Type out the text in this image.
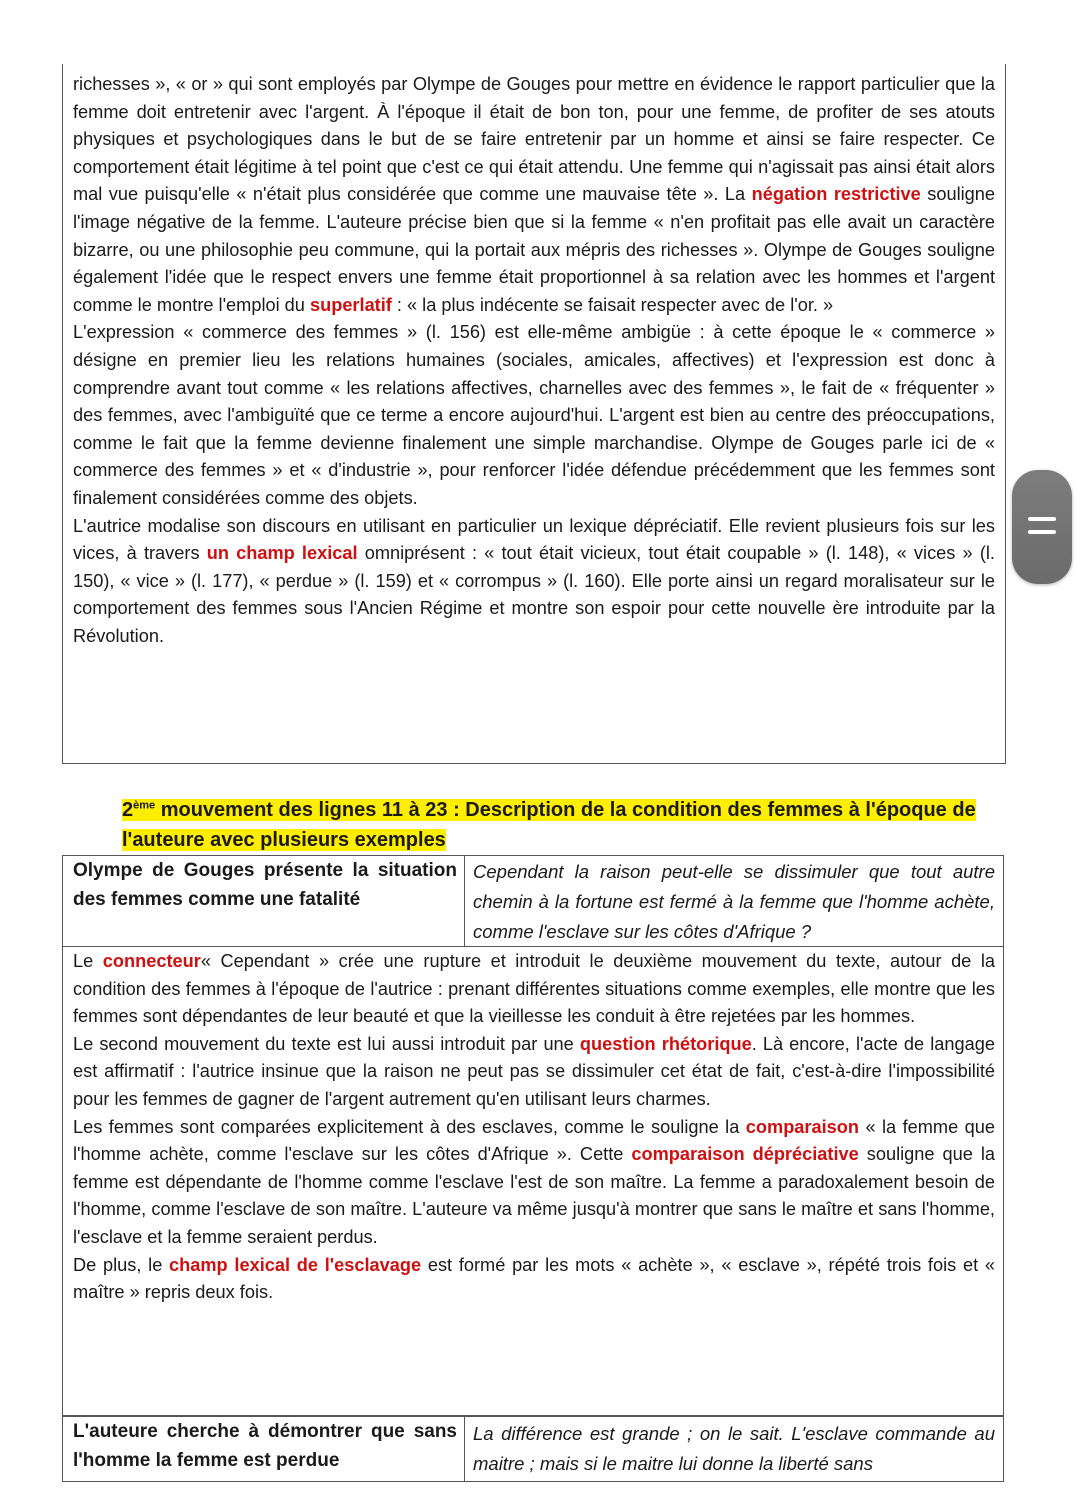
richesses », « or » qui sont employés par Olympe de Gouges pour mettre en évidence le rapport particulier que la femme doit entretenir avec l'argent. À l'époque il était de bon ton, pour une femme, de profiter de ses atouts physiques et psychologiques dans le but de se faire entretenir par un homme et ainsi se faire respecter. Ce comportement était légitime à tel point que c'est ce qui était attendu. Une femme qui n'agissait pas ainsi était alors mal vue puisqu'elle « n'était plus considérée que comme une mauvaise tête ». La négation restrictive souligne l'image négative de la femme. L'auteure précise bien que si la femme « n'en profitait pas elle avait un caractère bizarre, ou une philosophie peu commune, qui la portait aux mépris des richesses ». Olympe de Gouges souligne également l'idée que le respect envers une femme était proportionnel à sa relation avec les hommes et l'argent comme le montre l'emploi du superlatif : « la plus indécente se faisait respecter avec de l'or. »

L'expression « commerce des femmes » (l. 156) est elle-même ambigüe : à cette époque le « commerce » désigne en premier lieu les relations humaines (sociales, amicales, affectives) et l'expression est donc à comprendre avant tout comme « les relations affectives, charnelles avec des femmes », le fait de « fréquenter » des femmes, avec l'ambiguïté que ce terme a encore aujourd'hui. L'argent est bien au centre des préoccupations, comme le fait que la femme devienne finalement une simple marchandise. Olympe de Gouges parle ici de « commerce des femmes » et « d'industrie », pour renforcer l'idée défendue précédemment que les femmes sont finalement considérées comme des objets.

L'autrice modalise son discours en utilisant en particulier un lexique dépréciatif. Elle revient plusieurs fois sur les vices, à travers un champ lexical omniprésent : « tout était vicieux, tout était coupable » (l. 148), « vices » (l. 150), « vice » (l. 177), « perdue » (l. 159) et « corrompus » (l. 160). Elle porte ainsi un regard moralisateur sur le comportement des femmes sous l'Ancien Régime et montre son espoir pour cette nouvelle ère introduite par la Révolution.

2ème mouvement des lignes 11 à 23 : Description de la condition des femmes à l'époque de l'auteure avec plusieurs exemples
Olympe de Gouges présente la situation des femmes comme une fatalité
Cependant la raison peut-elle se dissimuler que tout autre chemin à la fortune est fermé à la femme que l'homme achète, comme l'esclave sur les côtes d'Afrique ?

Le connecteur« Cependant » crée une rupture et introduit le deuxième mouvement du texte, autour de la condition des femmes à l'époque de l'autrice : prenant différentes situations comme exemples, elle montre que les femmes sont dépendantes de leur beauté et que la vieillesse les conduit à être rejetées par les hommes.

Le second mouvement du texte est lui aussi introduit par une question rhétorique. Là encore, l'acte de langage est affirmatif : l'autrice insinue que la raison ne peut pas se dissimuler cet état de fait, c'est-à-dire l'impossibilité pour les femmes de gagner de l'argent autrement qu'en utilisant leurs charmes.

Les femmes sont comparées explicitement à des esclaves, comme le souligne la comparaison « la femme que l'homme achète, comme l'esclave sur les côtes d'Afrique ». Cette comparaison dépréciative souligne que la femme est dépendante de l'homme comme l'esclave l'est de son maître. La femme a paradoxalement besoin de l'homme, comme l'esclave de son maître. L'auteure va même jusqu'à montrer que sans le maître et sans l'homme, l'esclave et la femme seraient perdus.

De plus, le champ lexical de l'esclavage est formé par les mots « achète », « esclave », répété trois fois et « maître » repris deux fois.

L'auteure cherche à démontrer que sans l'homme la femme est perdue
La différence est grande ; on le sait. L'esclave commande au maitre ; mais si le maitre lui donne la liberté sans
